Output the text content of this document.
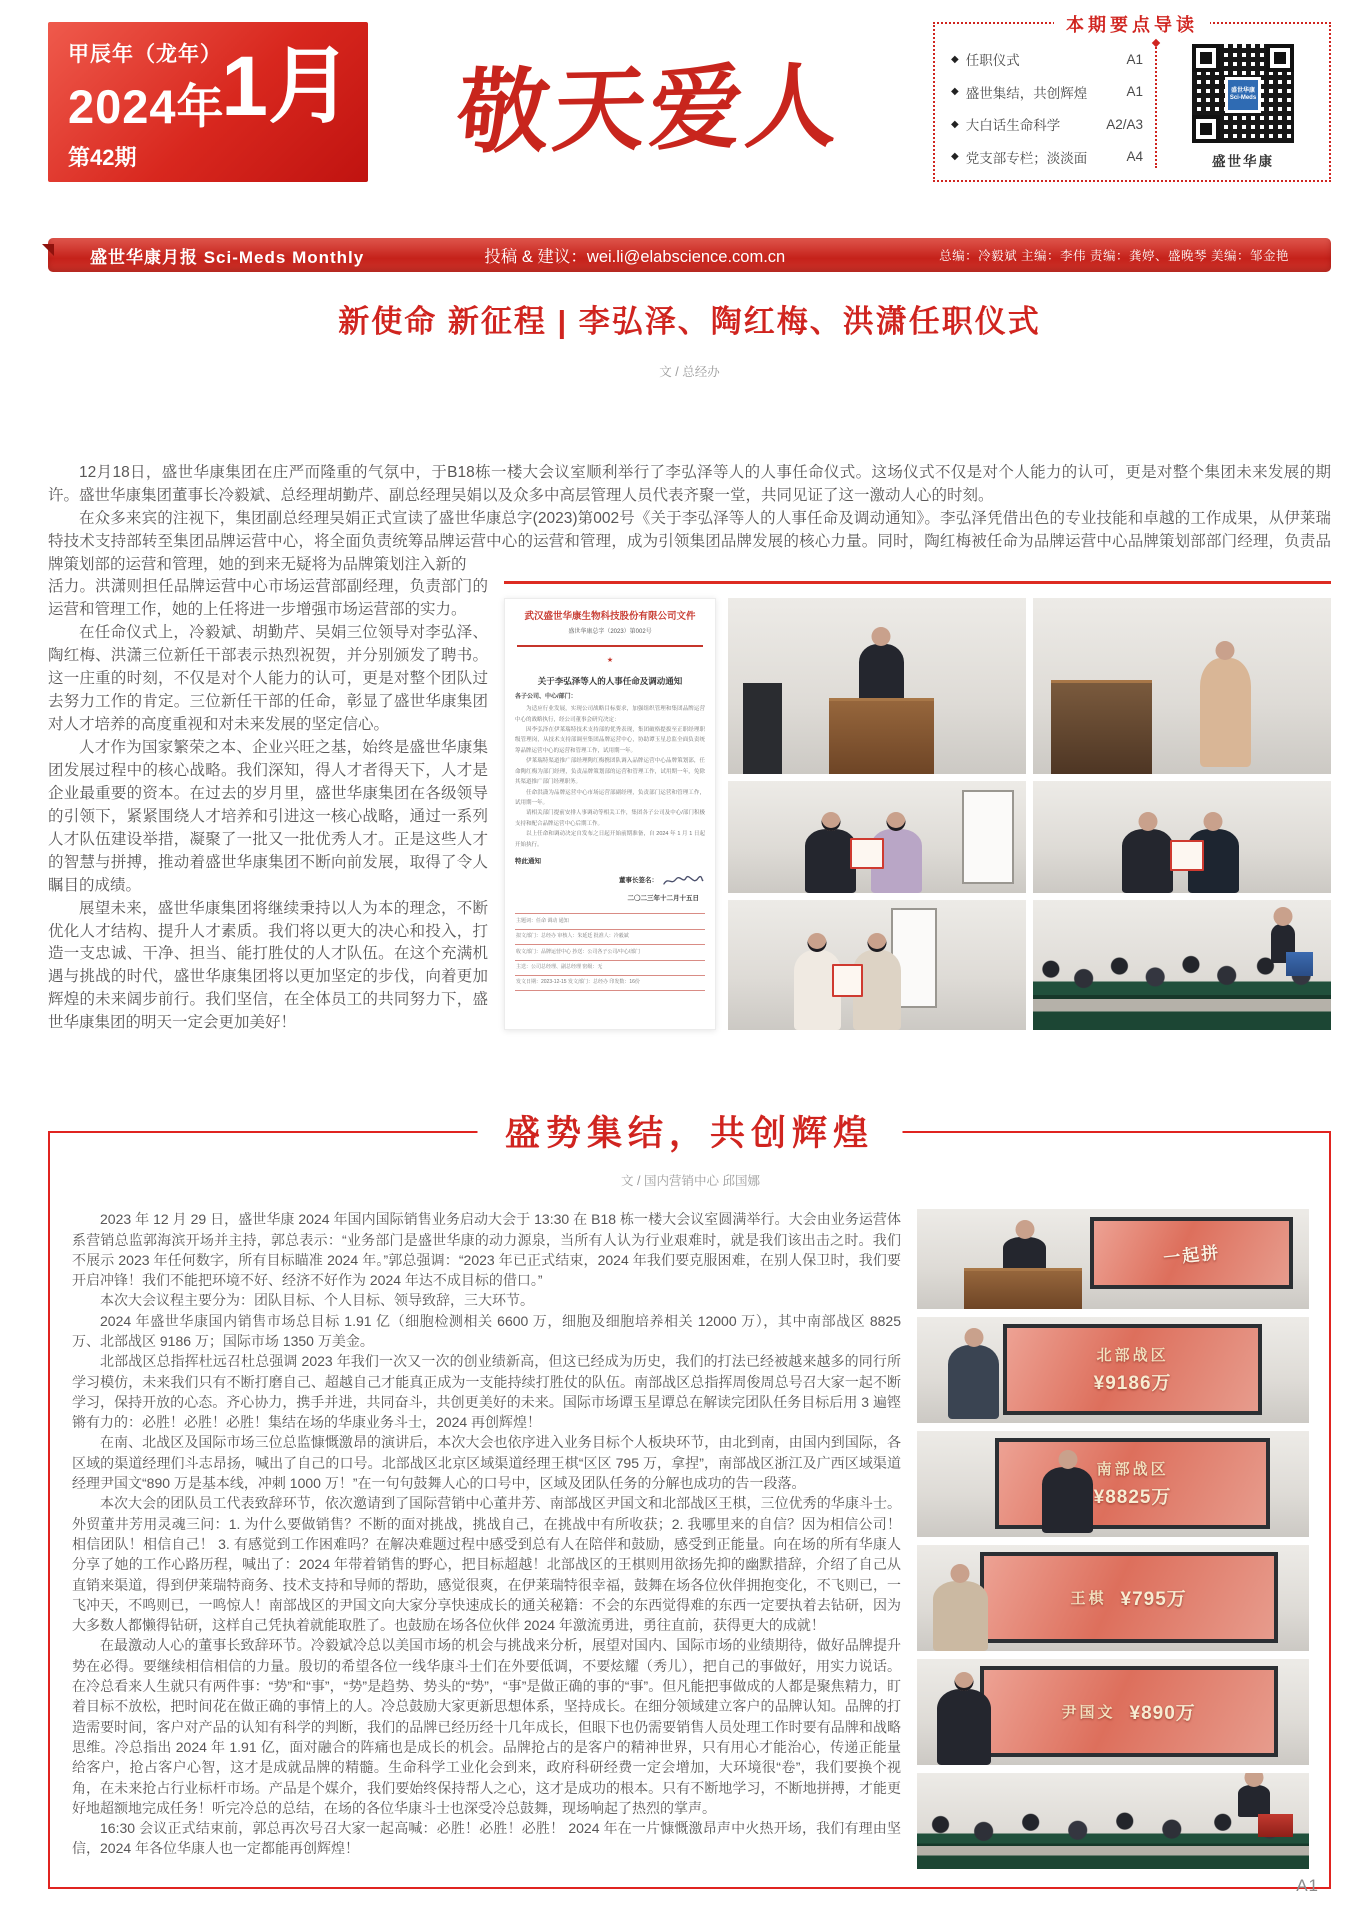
甲辰年（龙年）
2024年
1月
第42期	敬天爱人
本期要点导读
◆ 任职仪式	A1
◆ 盛世集结，共创辉煌	A1
◆ 大白话生命科学	A2/A3
◆ 党支部专栏；淡淡面	A4
盛世华康
Sci-Meds
盛世华康
盛世华康月报 Sci-Meds Monthly	投稿 & 建议：wei.li@elabscience.com.cn	总编：冷毅斌 主编：李伟 责编：龚婷、盛晚琴 美编：邹金艳
新使命 新征程 | 李弘泽、陶红梅、洪潇任职仪式
文 / 总经办

12月18日，盛世华康集团在庄严而隆重的气氛中，于B18栋一楼大会议室顺利举行了李弘泽等人的人事任命仪式。这场仪式不仅是对个人能力的认可，更是对整个集团未来发展的期许。盛世华康集团董事长冷毅斌、总经理胡勤芹、副总经理吴娟以及众多中高层管理人员代表齐聚一堂，共同见证了这一激动人心的时刻。

在众多来宾的注视下，集团副总经理吴娟正式宣读了盛世华康总字(2023)第002号《关于李弘泽等人的人事任命及调动通知》。李弘泽凭借出色的专业技能和卓越的工作成果，从伊莱瑞特技术支持部转至集团品牌运营中心，将全面负责统筹品牌运营中心的运营和管理，成为引领集团品牌发展的核心力量。同时，陶红梅被任命为品牌运营中心品牌策划部部门经理，负责品牌策划部的运营和管理，她的到来无疑将为品牌策划注入新的

活力。洪潇则担任品牌运营中心市场运营部副经理，负责部门的运营和管理工作，她的上任将进一步增强市场运营部的实力。

在任命仪式上，冷毅斌、胡勤芹、吴娟三位领导对李弘泽、陶红梅、洪潇三位新任干部表示热烈祝贺，并分别颁发了聘书。这一庄重的时刻，不仅是对个人能力的认可，更是对整个团队过去努力工作的肯定。三位新任干部的任命，彰显了盛世华康集团对人才培养的高度重视和对未来发展的坚定信心。

人才作为国家繁荣之本、企业兴旺之基，始终是盛世华康集团发展过程中的核心战略。我们深知，得人才者得天下，人才是企业最重要的资本。在过去的岁月里，盛世华康集团在各级领导的引领下，紧紧围绕人才培养和引进这一核心战略，通过一系列人才队伍建设举措，凝聚了一批又一批优秀人才。正是这些人才的智慧与拼搏，推动着盛世华康集团不断向前发展，取得了令人瞩目的成绩。

展望未来，盛世华康集团将继续秉持以人为本的理念，不断优化人才结构、提升人才素质。我们将以更大的决心和投入，打造一支忠诚、干净、担当、能打胜仗的人才队伍。在这个充满机遇与挑战的时代，盛世华康集团将以更加坚定的步伐，向着更加辉煌的未来阔步前行。我们坚信，在全体员工的共同努力下，盛世华康集团的明天一定会更加美好！

武汉盛世华康生物科技股份有限公司文件
盛世华康总字（2023）第002号
★
关于李弘泽等人的人事任命及调动通知
各子公司、中心/部门：

为适应行业发展，实现公司战略目标要求，加强组织管理和集团品牌运营中心的战略执行，经公司董事会研究决定：

因李弘泽在伊莱瑞特技术支持部的优秀表现，集团破格提拔至正职经理职级管理岗，从技术支持部调至集团品牌运营中心，协助谭玉星总监全面负责统筹品牌运营中心的运营和管理工作，试用期一年。

伊莱瑞特渠道推广部经理陶红梅携团队调入品牌运营中心品牌策划部，任命陶红梅为部门经理，负责品牌策划部的运营和管理工作，试用期一年，免除其渠道推广部门经理职务。

任命洪潇为品牌运营中心市场运营部副经理，负责部门运营和管理工作，试用期一年。

请相关部门提前安排人事调动等相关工作，集团各子公司及中心/部门积极支持和配合品牌运营中心后期工作。

以上任命和调动决定自发布之日起开始前期准备，自 2024 年 1 月 1 日起开始执行。

特此通知
董事长签名：
二〇二三年十二月十五日
主题词：任命 调动 通知
拟文部门：总经办 审核人：朱延廷 批准人：冷毅斌
收文部门：品牌运营中心 抄送：公司各子公司/中心/部门
主送：公司总经理、副总经理 密级：无
发文日期：2023-12-15 发文部门：总经办 印发数：16份
盛势集结，共创辉煌
文 / 国内营销中心 邱国娜

2023 年 12 月 29 日，盛世华康 2024 年国内国际销售业务启动大会于 13:30 在 B18 栋一楼大会议室圆满举行。大会由业务运营体系营销总监郭海滨开场并主持，郭总表示：“业务部门是盛世华康的动力源泉，当所有人认为行业艰难时，就是我们该出击之时。我们不展示 2023 年任何数字，所有目标瞄准 2024 年。”郭总强调：“2023 年已正式结束，2024 年我们要克服困难，在别人保卫时，我们要开启冲锋！我们不能把环境不好、经济不好作为 2024 年达不成目标的借口。”

本次大会议程主要分为：团队目标、个人目标、领导致辞，三大环节。

2024 年盛世华康国内销售市场总目标 1.91 亿（细胞检测相关 6600 万，细胞及细胞培养相关 12000 万），其中南部战区 8825 万、北部战区 9186 万；国际市场 1350 万美金。

北部战区总指挥杜远召杜总强调 2023 年我们一次又一次的创业绩新高，但这已经成为历史，我们的打法已经被越来越多的同行所学习模仿，未来我们只有不断打磨自己、超越自己才能真正成为一支能持续打胜仗的队伍。南部战区总指挥周俊周总号召大家一起不断学习，保持开放的心态。齐心协力，携手并进，共同奋斗，共创更美好的未来。国际市场谭玉星谭总在解读完团队任务目标后用 3 遍铿锵有力的：必胜！必胜！必胜！集结在场的华康业务斗士，2024 再创辉煌！

在南、北战区及国际市场三位总监慷慨激昂的演讲后，本次大会也依序进入业务目标个人板块环节，由北到南，由国内到国际，各区域的渠道经理们斗志昂扬，喊出了自己的口号。北部战区北京区域渠道经理王棋“区区 795 万，拿捏”，南部战区浙江及广西区域渠道经理尹国文“890 万是基本线，冲刺 1000 万！”在一句句鼓舞人心的口号中，区域及团队任务的分解也成功的告一段落。

本次大会的团队员工代表致辞环节，依次邀请到了国际营销中心董井芳、南部战区尹国文和北部战区王棋，三位优秀的华康斗士。外贸董井芳用灵魂三问：1. 为什么要做销售？不断的面对挑战，挑战自己，在挑战中有所收获；2. 我哪里来的自信？因为相信公司！相信团队！相信自己！ 3. 有感觉到工作困难吗？在解决难题过程中感受到总有人在陪伴和鼓励，感受到正能量。向在场的所有华康人分享了她的工作心路历程，喊出了：2024 年带着销售的野心，把目标超越！北部战区的王棋则用欲扬先抑的幽默措辞，介绍了自己从直销来渠道，得到伊莱瑞特商务、技术支持和导师的帮助，感觉很爽，在伊莱瑞特很幸福，鼓舞在场各位伙伴拥抱变化，不飞则已，一飞冲天，不鸣则已，一鸣惊人！南部战区的尹国文向大家分享快速成长的通关秘籍：不会的东西觉得难的东西一定要执着去钻研，因为大多数人都懒得钻研，这样自己凭执着就能取胜了。也鼓励在场各位伙伴 2024 年激流勇进，勇往直前，获得更大的成就！

在最激动人心的董事长致辞环节。冷毅斌冷总以美国市场的机会与挑战来分析，展望对国内、国际市场的业绩期待，做好品牌提升势在必得。要继续相信相信的力量。殷切的希望各位一线华康斗士们在外要低调，不要炫耀（秀儿），把自己的事做好，用实力说话。在冷总看来人生就只有两件事：“势”和“事”，“势”是趋势、势头的“势”，“事”是做正确的事的“事”。但凡能把事做成的人都是聚焦精力，盯着目标不放松，把时间花在做正确的事情上的人。冷总鼓励大家更新思想体系，坚持成长。在细分领域建立客户的品牌认知。品牌的打造需要时间，客户对产品的认知有科学的判断，我们的品牌已经历经十几年成长，但眼下也仍需要销售人员处理工作时要有品牌和战略思维。冷总指出 2024 年 1.91 亿，面对融合的阵痛也是成长的机会。品牌抢占的是客户的精神世界，只有用心才能治心，传递正能量给客户，抢占客户心智，这才是成就品牌的精髓。生命科学工业化会到来，政府科研经费一定会增加，大环境很“卷”，我们要换个视角，在未来抢占行业标杆市场。产品是个媒介，我们要始终保持帮人之心，这才是成功的根本。只有不断地学习，不断地拼搏，才能更好地超额地完成任务！听完冷总的总结，在场的各位华康斗士也深受冷总鼓舞，现场响起了热烈的掌声。

16:30 会议正式结束前，郭总再次号召大家一起高喊：必胜！必胜！必胜！ 2024 年在一片慷慨激昂声中火热开场，我们有理由坚信，2024 年各位华康人也一定都能再创辉煌！

一起拼
北部战区
¥9186万
南部战区
¥8825万
王棋 ¥795万
尹国文 ¥890万
A1
